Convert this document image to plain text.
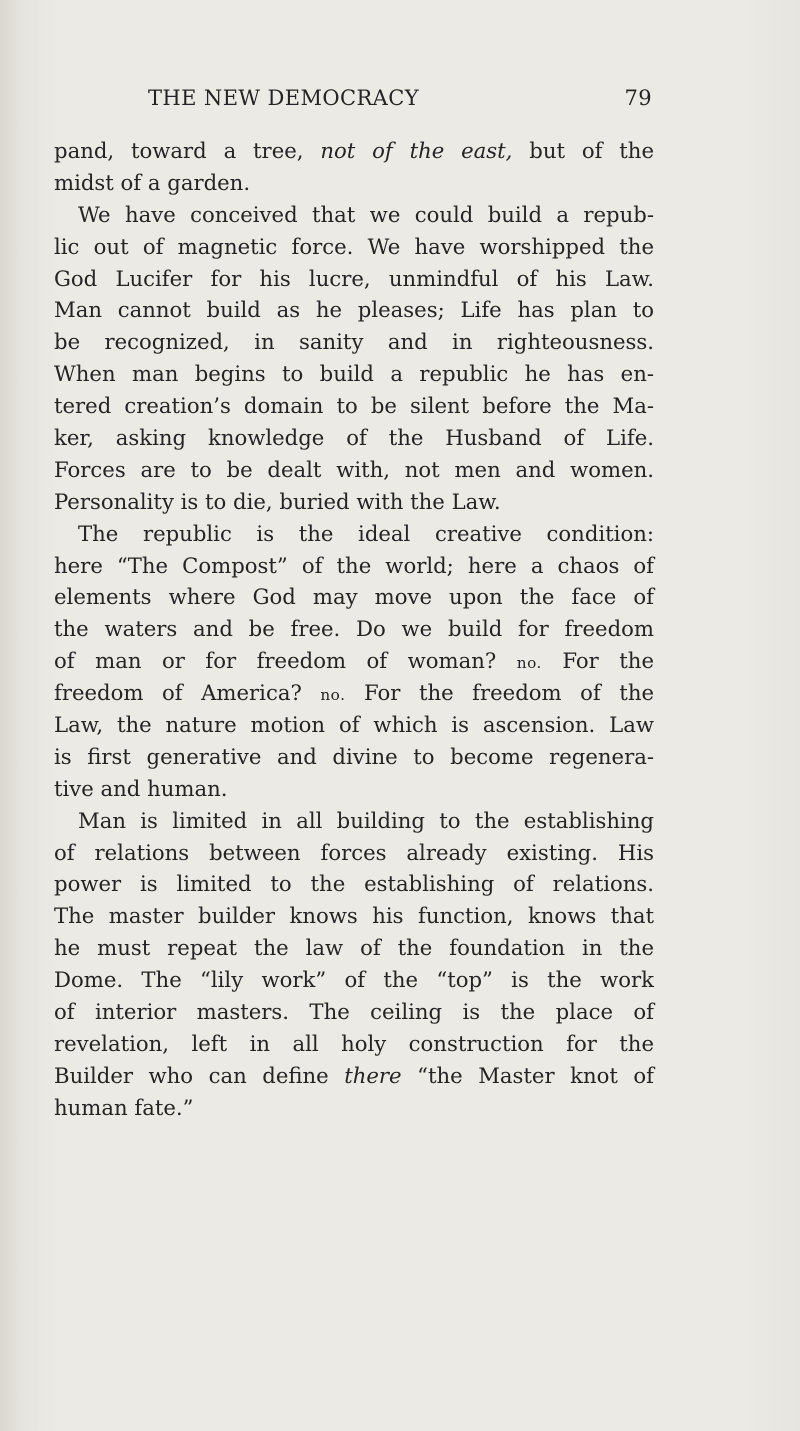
THE NEW DEMOCRACY	79
pand, toward a tree, not of the east, but of the
midst of a garden.
We have conceived that we could build a repub-
lic out of magnetic force. We have worshipped the
God Lucifer for his lucre, unmindful of his Law.
Man cannot build as he pleases; Life has plan to
be recognized, in sanity and in righteousness.
When man begins to build a republic he has en-
tered creation’s domain to be silent before the Ma-
ker, asking knowledge of the Husband of Life.
Forces are to be dealt with, not men and women.
Personality is to die, buried with the Law.
The republic is the ideal creative condition:
here “The Compost” of the world; here a chaos of
elements where God may move upon the face of
the waters and be free. Do we build for freedom
of man or for freedom of woman? no. For the
freedom of America? no. For the freedom of the
Law, the nature motion of which is ascension. Law
is first generative and divine to become regenera-
tive and human.
Man is limited in all building to the establishing
of relations between forces already existing. His
power is limited to the establishing of relations.
The master builder knows his function, knows that
he must repeat the law of the foundation in the
Dome. The “lily work” of the “top” is the work
of interior masters. The ceiling is the place of
revelation, left in all holy construction for the
Builder who can define there “the Master knot of
human fate.”
